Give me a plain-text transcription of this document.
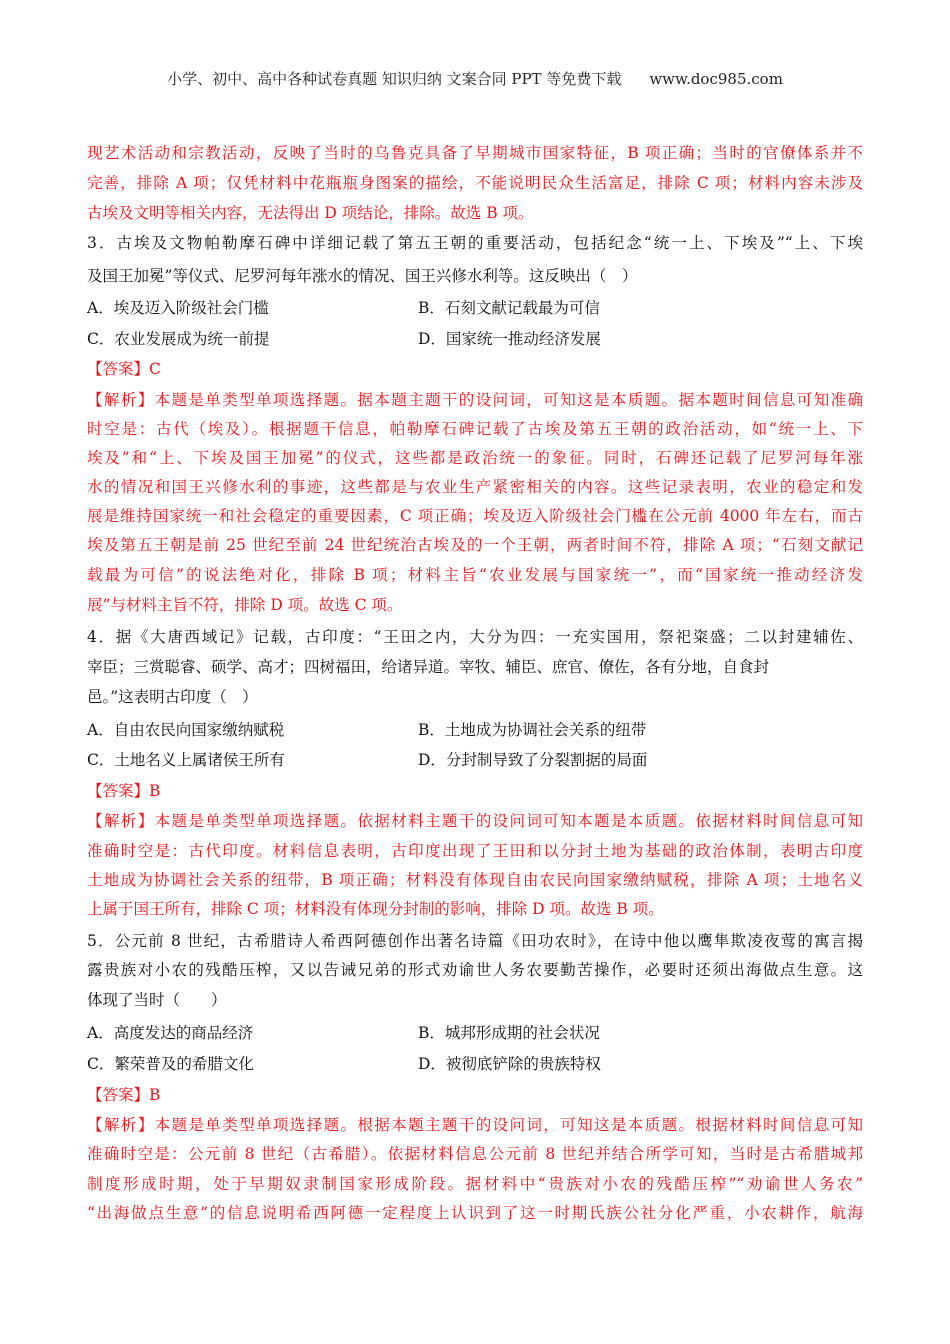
小学、初中、高中各种试卷真题 知识归纳 文案合同 PPT 等免费下载 www.doc985.com
现艺术活动和宗教活动，反映了当时的乌鲁克具备了早期城市国家特征，B 项正确；当时的官僚体系并不
完善，排除 A 项；仅凭材料中花瓶瓶身图案的描绘，不能说明民众生活富足，排除 C 项；材料内容未涉及
古埃及文明等相关内容，无法得出 D 项结论，排除。故选 B 项。
3．古埃及文物帕勒摩石碑中详细记载了第五王朝的重要活动，包括纪念“统一上、下埃及”“上、下埃
及国王加冕”等仪式、尼罗河每年涨水的情况、国王兴修水利等。这反映出（　）
A．埃及迈入阶级社会门槛	B．石刻文献记载最为可信
C．农业发展成为统一前提	D．国家统一推动经济发展
【答案】C
【解析】本题是单类型单项选择题。据本题主题干的设问词，可知这是本质题。据本题时间信息可知准确
时空是：古代（埃及）。根据题干信息，帕勒摩石碑记载了古埃及第五王朝的政治活动，如“统一上、下
埃及”和“上、下埃及国王加冕”的仪式，这些都是政治统一的象征。同时，石碑还记载了尼罗河每年涨
水的情况和国王兴修水利的事迹，这些都是与农业生产紧密相关的内容。这些记录表明，农业的稳定和发
展是维持国家统一和社会稳定的重要因素，C 项正确；埃及迈入阶级社会门槛在公元前 4000 年左右，而古
埃及第五王朝是前 25 世纪至前 24 世纪统治古埃及的一个王朝，两者时间不符，排除 A 项；“石刻文献记
载最为可信”的说法绝对化，排除 B 项；材料主旨“农业发展与国家统一”，而“国家统一推动经济发
展”与材料主旨不符，排除 D 项。故选 C 项。
4．据《大唐西域记》记载，古印度：“王田之内，大分为四：一充实国用，祭祀粢盛；二以封建辅佐、
宰臣；三赏聪睿、硕学、高才；四树福田，给诸异道。宰牧、辅臣、庶官、僚佐，各有分地，自食封
邑。”这表明古印度（　）
A．自由农民向国家缴纳赋税	B．土地成为协调社会关系的纽带
C．土地名义上属诸侯王所有	D．分封制导致了分裂割据的局面
【答案】B
【解析】本题是单类型单项选择题。依据材料主题干的设问词可知本题是本质题。依据材料时间信息可知
准确时空是：古代印度。材料信息表明，古印度出现了王田和以分封土地为基础的政治体制，表明古印度
土地成为协调社会关系的纽带，B 项正确；材料没有体现自由农民向国家缴纳赋税，排除 A 项；土地名义
上属于国王所有，排除 C 项；材料没有体现分封制的影响，排除 D 项。故选 B 项。
5．公元前 8 世纪，古希腊诗人希西阿德创作出著名诗篇《田功农时》，在诗中他以鹰隼欺凌夜莺的寓言揭
露贵族对小农的残酷压榨，又以告诫兄弟的形式劝谕世人务农要勤苦操作，必要时还须出海做点生意。这
体现了当时（　　）
A．高度发达的商品经济	B．城邦形成期的社会状况
C．繁荣普及的希腊文化	D．被彻底铲除的贵族特权
【答案】B
【解析】本题是单类型单项选择题。根据本题主题干的设问词，可知这是本质题。根据材料时间信息可知
准确时空是：公元前 8 世纪（古希腊）。依据材料信息公元前 8 世纪并结合所学可知，当时是古希腊城邦
制度形成时期，处于早期奴隶制国家形成阶段。据材料中“贵族对小农的残酷压榨”“劝谕世人务农”
“出海做点生意”的信息说明希西阿德一定程度上认识到了这一时期氏族公社分化严重，小农耕作，航海
